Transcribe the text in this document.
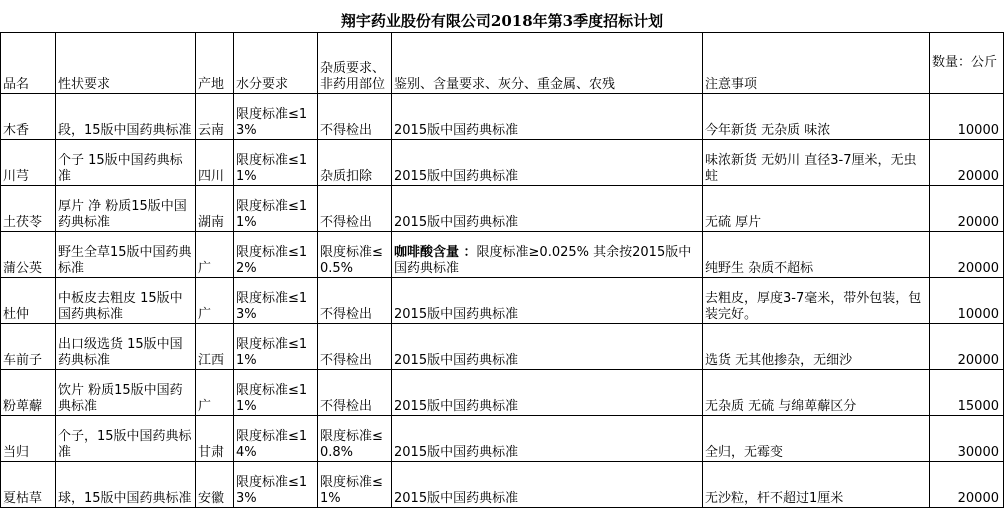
翔宇药业股份有限公司2018年第3季度招标计划
品名	性状要求	产地	水分要求	杂质要求、非药用部位	鉴别、含量要求、灰分、重金属、农残	注意事项	数量：公斤
木香	段，15版中国药典标准	云南	限度标准≤13%	不得检出	2015版中国药典标准	今年新货 无杂质 味浓	10000
川芎	个子 15版中国药典标准	四川	限度标准≤11%	杂质扣除	2015版中国药典标准	味浓新货 无奶川 直径3-7厘米，无虫蛀	20000
土茯苓	厚片 净 粉质15版中国药典标准	湖南	限度标准≤11%	不得检出	2015版中国药典标准	无硫 厚片	20000
蒲公英	野生全草15版中国药典标准	广	限度标准≤12%	限度标准≤0.5%	咖啡酸含量 ：限度标准≥0.025% 其余按2015版中国药典标准	纯野生 杂质不超标	20000
杜仲	中板皮去粗皮 15版中国药典标准	广	限度标准≤13%	不得检出	2015版中国药典标准	去粗皮，厚度3-7毫米，带外包装，包装完好。	10000
车前子	出口级选货 15版中国药典标准	江西	限度标准≤11%	不得检出	2015版中国药典标准	选货 无其他掺杂，无细沙	20000
粉萆薢	饮片 粉质15版中国药典标准	广	限度标准≤11%	不得检出	2015版中国药典标准	无杂质 无硫 与绵萆薢区分	15000
当归	个子，15版中国药典标准	甘肃	限度标准≤14%	限度标准≤0.8%	2015版中国药典标准	全归，无霉变	30000
夏枯草	球，15版中国药典标准	安徽	限度标准≤13%	限度标准≤1%	2015版中国药典标准	无沙粒，杆不超过1厘米	20000
